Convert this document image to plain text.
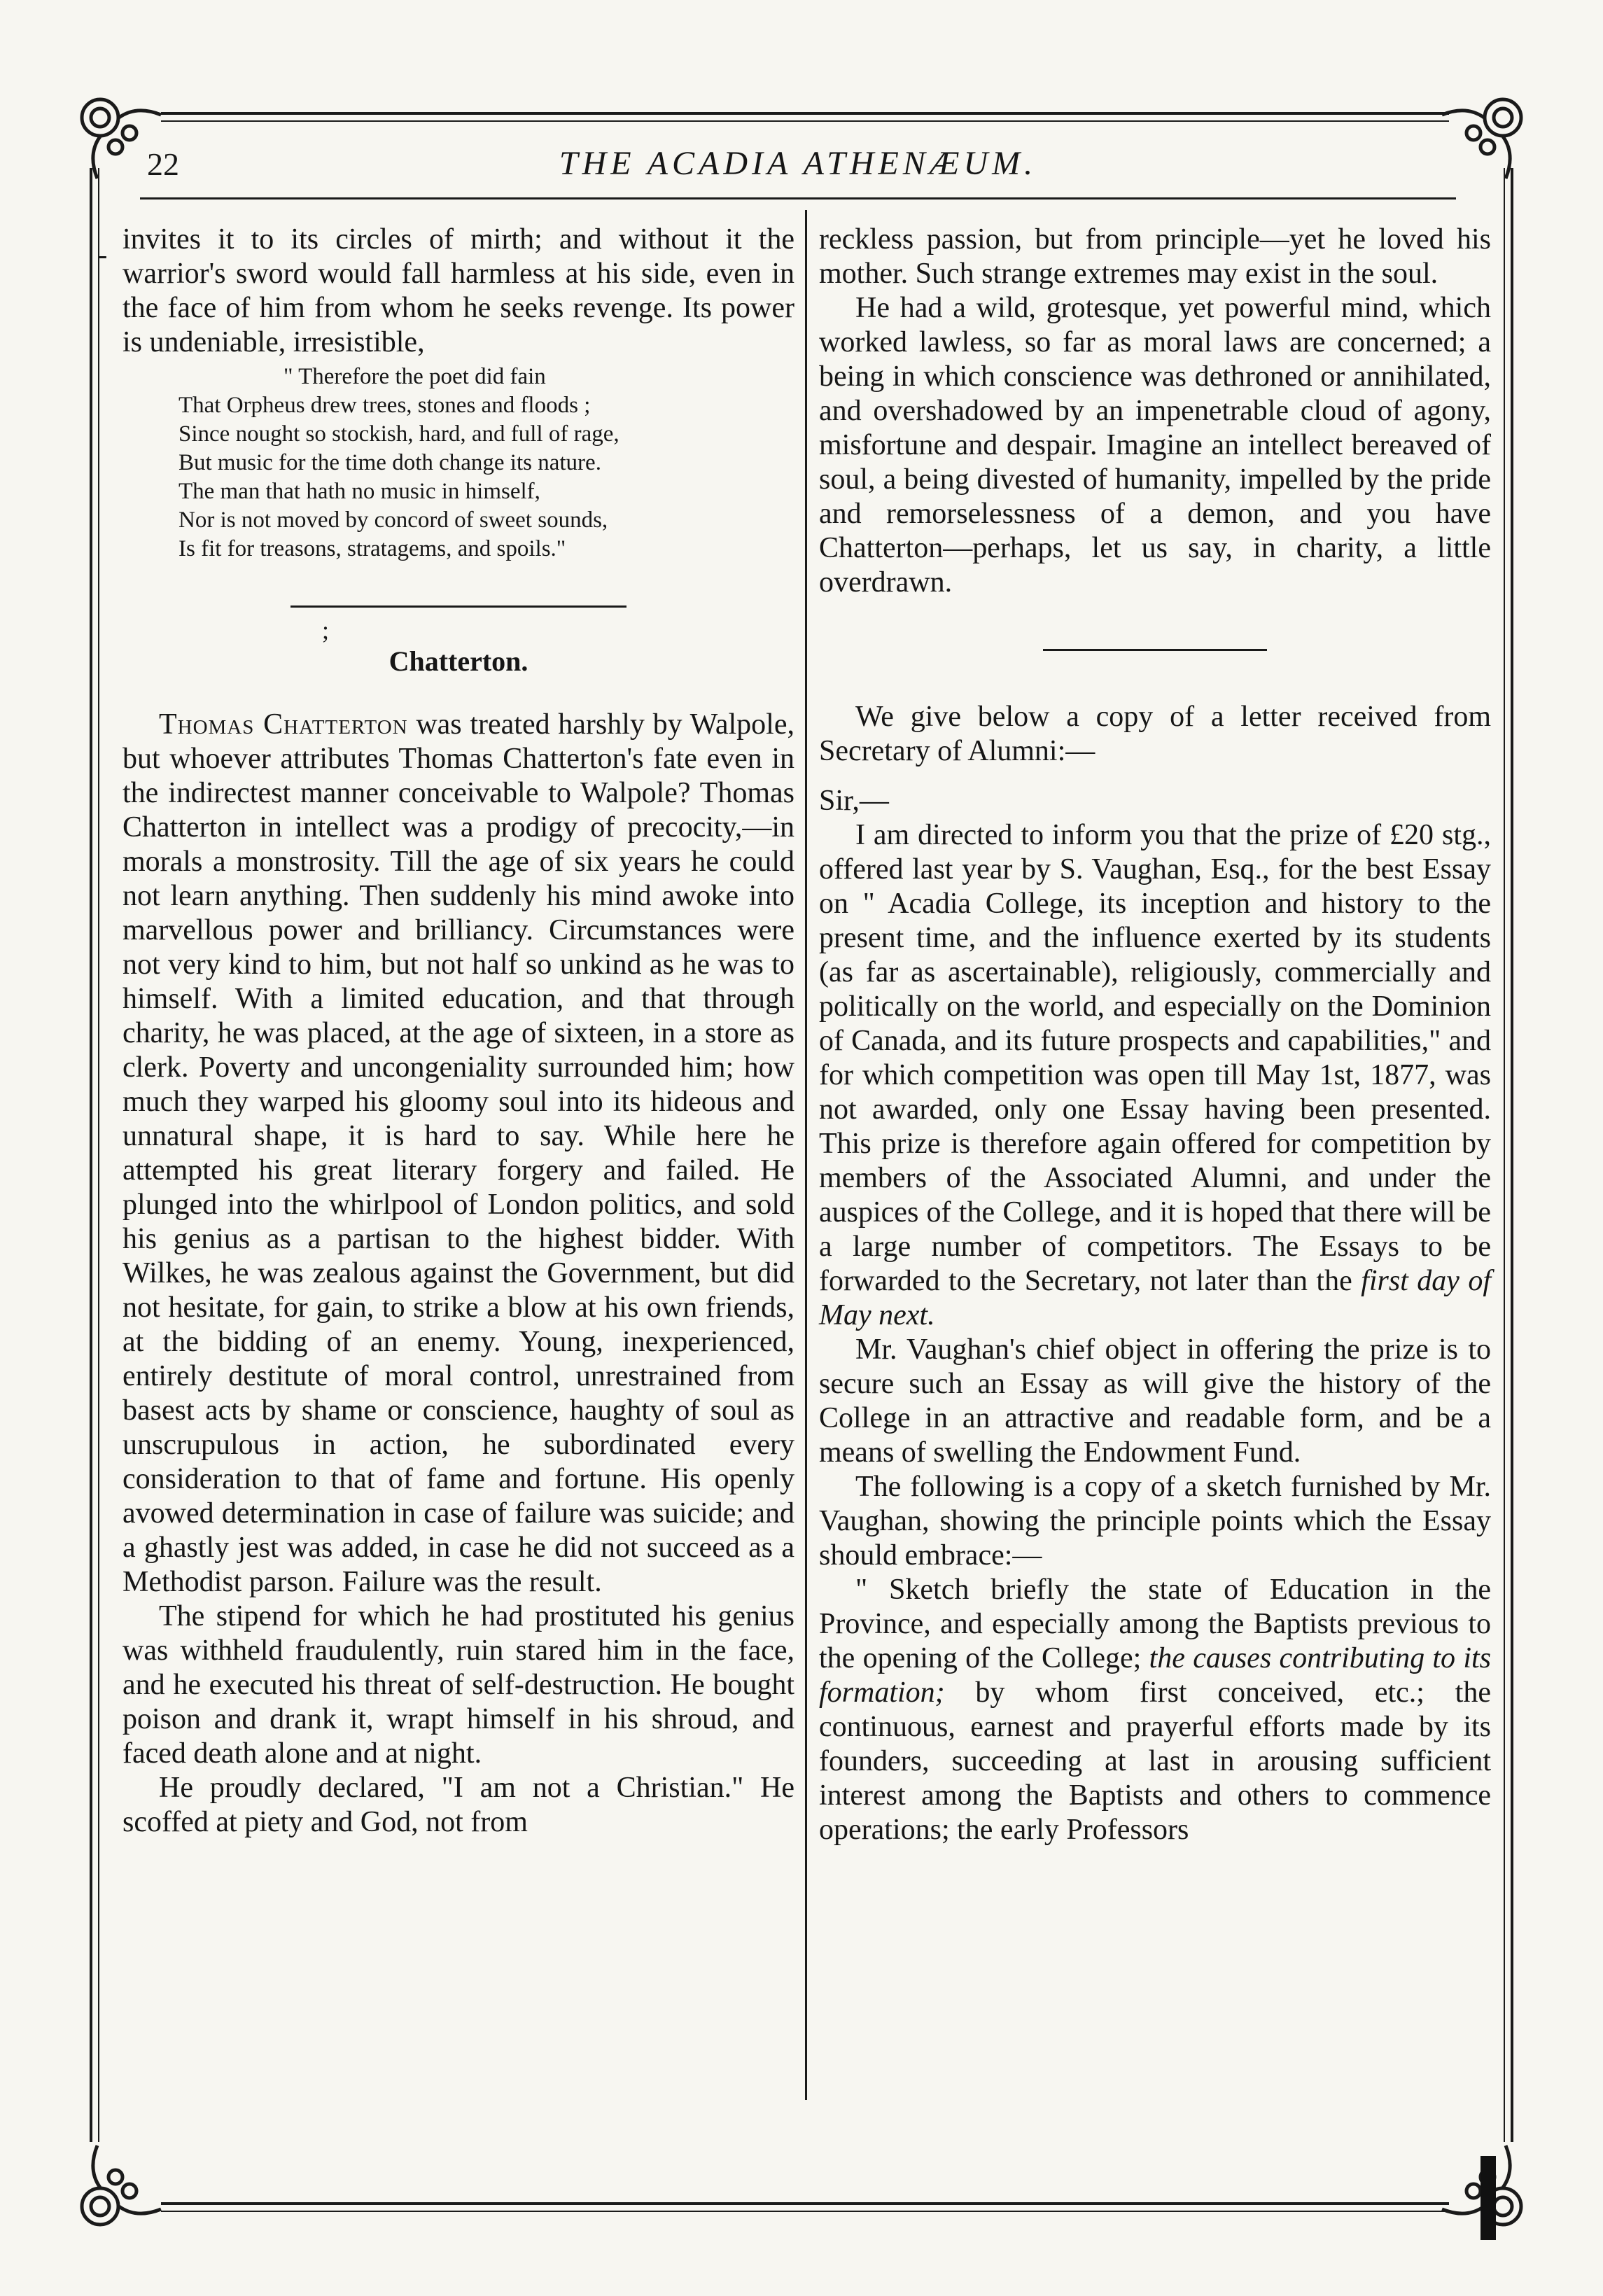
22	THE ACADIA ATHENÆUM.
- invites it to its circles of mirth; and without it the warrior's sword would fall harmless at his side, even in the face of him from whom he seeks revenge. Its power is undeniable, irresistible,

" Therefore the poet did fain
That Orpheus drew trees, stones and floods ;
Since nought so stockish, hard, and full of rage,
But music for the time doth change its nature.
The man that hath no music in himself,
Nor is not moved by concord of sweet sounds,
Is fit for treasons, stratagems, and spoils."
;
Chatterton.

Thomas Chatterton was treated harshly by Walpole, but whoever attributes Thomas Chatterton's fate even in the indirectest manner conceivable to Walpole? Thomas Chatterton in intellect was a prodigy of precocity,—in morals a monstrosity. Till the age of six years he could not learn anything. Then suddenly his mind awoke into marvellous power and brilliancy. Circumstances were not very kind to him, but not half so unkind as he was to himself. With a limited education, and that through charity, he was placed, at the age of sixteen, in a store as clerk. Poverty and uncongeniality surrounded him; how much they warped his gloomy soul into its hideous and unnatural shape, it is hard to say. While here he attempted his great literary forgery and failed. He plunged into the whirlpool of London politics, and sold his genius as a partisan to the highest bidder. With Wilkes, he was zealous against the Government, but did not hesitate, for gain, to strike a blow at his own friends, at the bidding of an enemy. Young, inexperienced, entirely destitute of moral control, unrestrained from basest acts by shame or conscience, haughty of soul as unscrupulous in action, he subordinated every consideration to that of fame and fortune. His openly avowed determination in case of failure was suicide; and a ghastly jest was added, in case he did not succeed as a Methodist parson. Failure was the result.

The stipend for which he had prostituted his genius was withheld fraudulently, ruin stared him in the face, and he executed his threat of self-destruction. He bought poison and drank it, wrapt himself in his shroud, and faced death alone and at night.

He proudly declared, "I am not a Christian." He scoffed at piety and God, not from

reckless passion, but from principle—yet he loved his mother. Such strange extremes may exist in the soul.

He had a wild, grotesque, yet powerful mind, which worked lawless, so far as moral laws are concerned; a being in which conscience was dethroned or annihilated, and overshadowed by an impenetrable cloud of agony, misfortune and despair. Imagine an intellect bereaved of soul, a being divested of humanity, impelled by the pride and remorselessness of a demon, and you have Chatterton—perhaps, let us say, in charity, a little overdrawn.

We give below a copy of a letter received from Secretary of Alumni:—

Sir,—

I am directed to inform you that the prize of £20 stg., offered last year by S. Vaughan, Esq., for the best Essay on " Acadia College, its inception and history to the present time, and the influence exerted by its students (as far as ascertainable), religiously, commercially and politically on the world, and especially on the Dominion of Canada, and its future prospects and capabilities," and for which competition was open till May 1st, 1877, was not awarded, only one Essay having been presented. This prize is therefore again offered for competition by members of the Associated Alumni, and under the auspices of the College, and it is hoped that there will be a large number of competitors. The Essays to be forwarded to the Secretary, not later than the first day of May next.

Mr. Vaughan's chief object in offering the prize is to secure such an Essay as will give the history of the College in an attractive and readable form, and be a means of swelling the Endowment Fund.

The following is a copy of a sketch furnished by Mr. Vaughan, showing the principle points which the Essay should embrace:—

" Sketch briefly the state of Education in the Province, and especially among the Baptists previous to the opening of the College; the causes contributing to its formation; by whom first conceived, etc.; the continuous, earnest and prayerful efforts made by its founders, succeeding at last in arousing sufficient interest among the Baptists and others to commence operations; the early Professors
